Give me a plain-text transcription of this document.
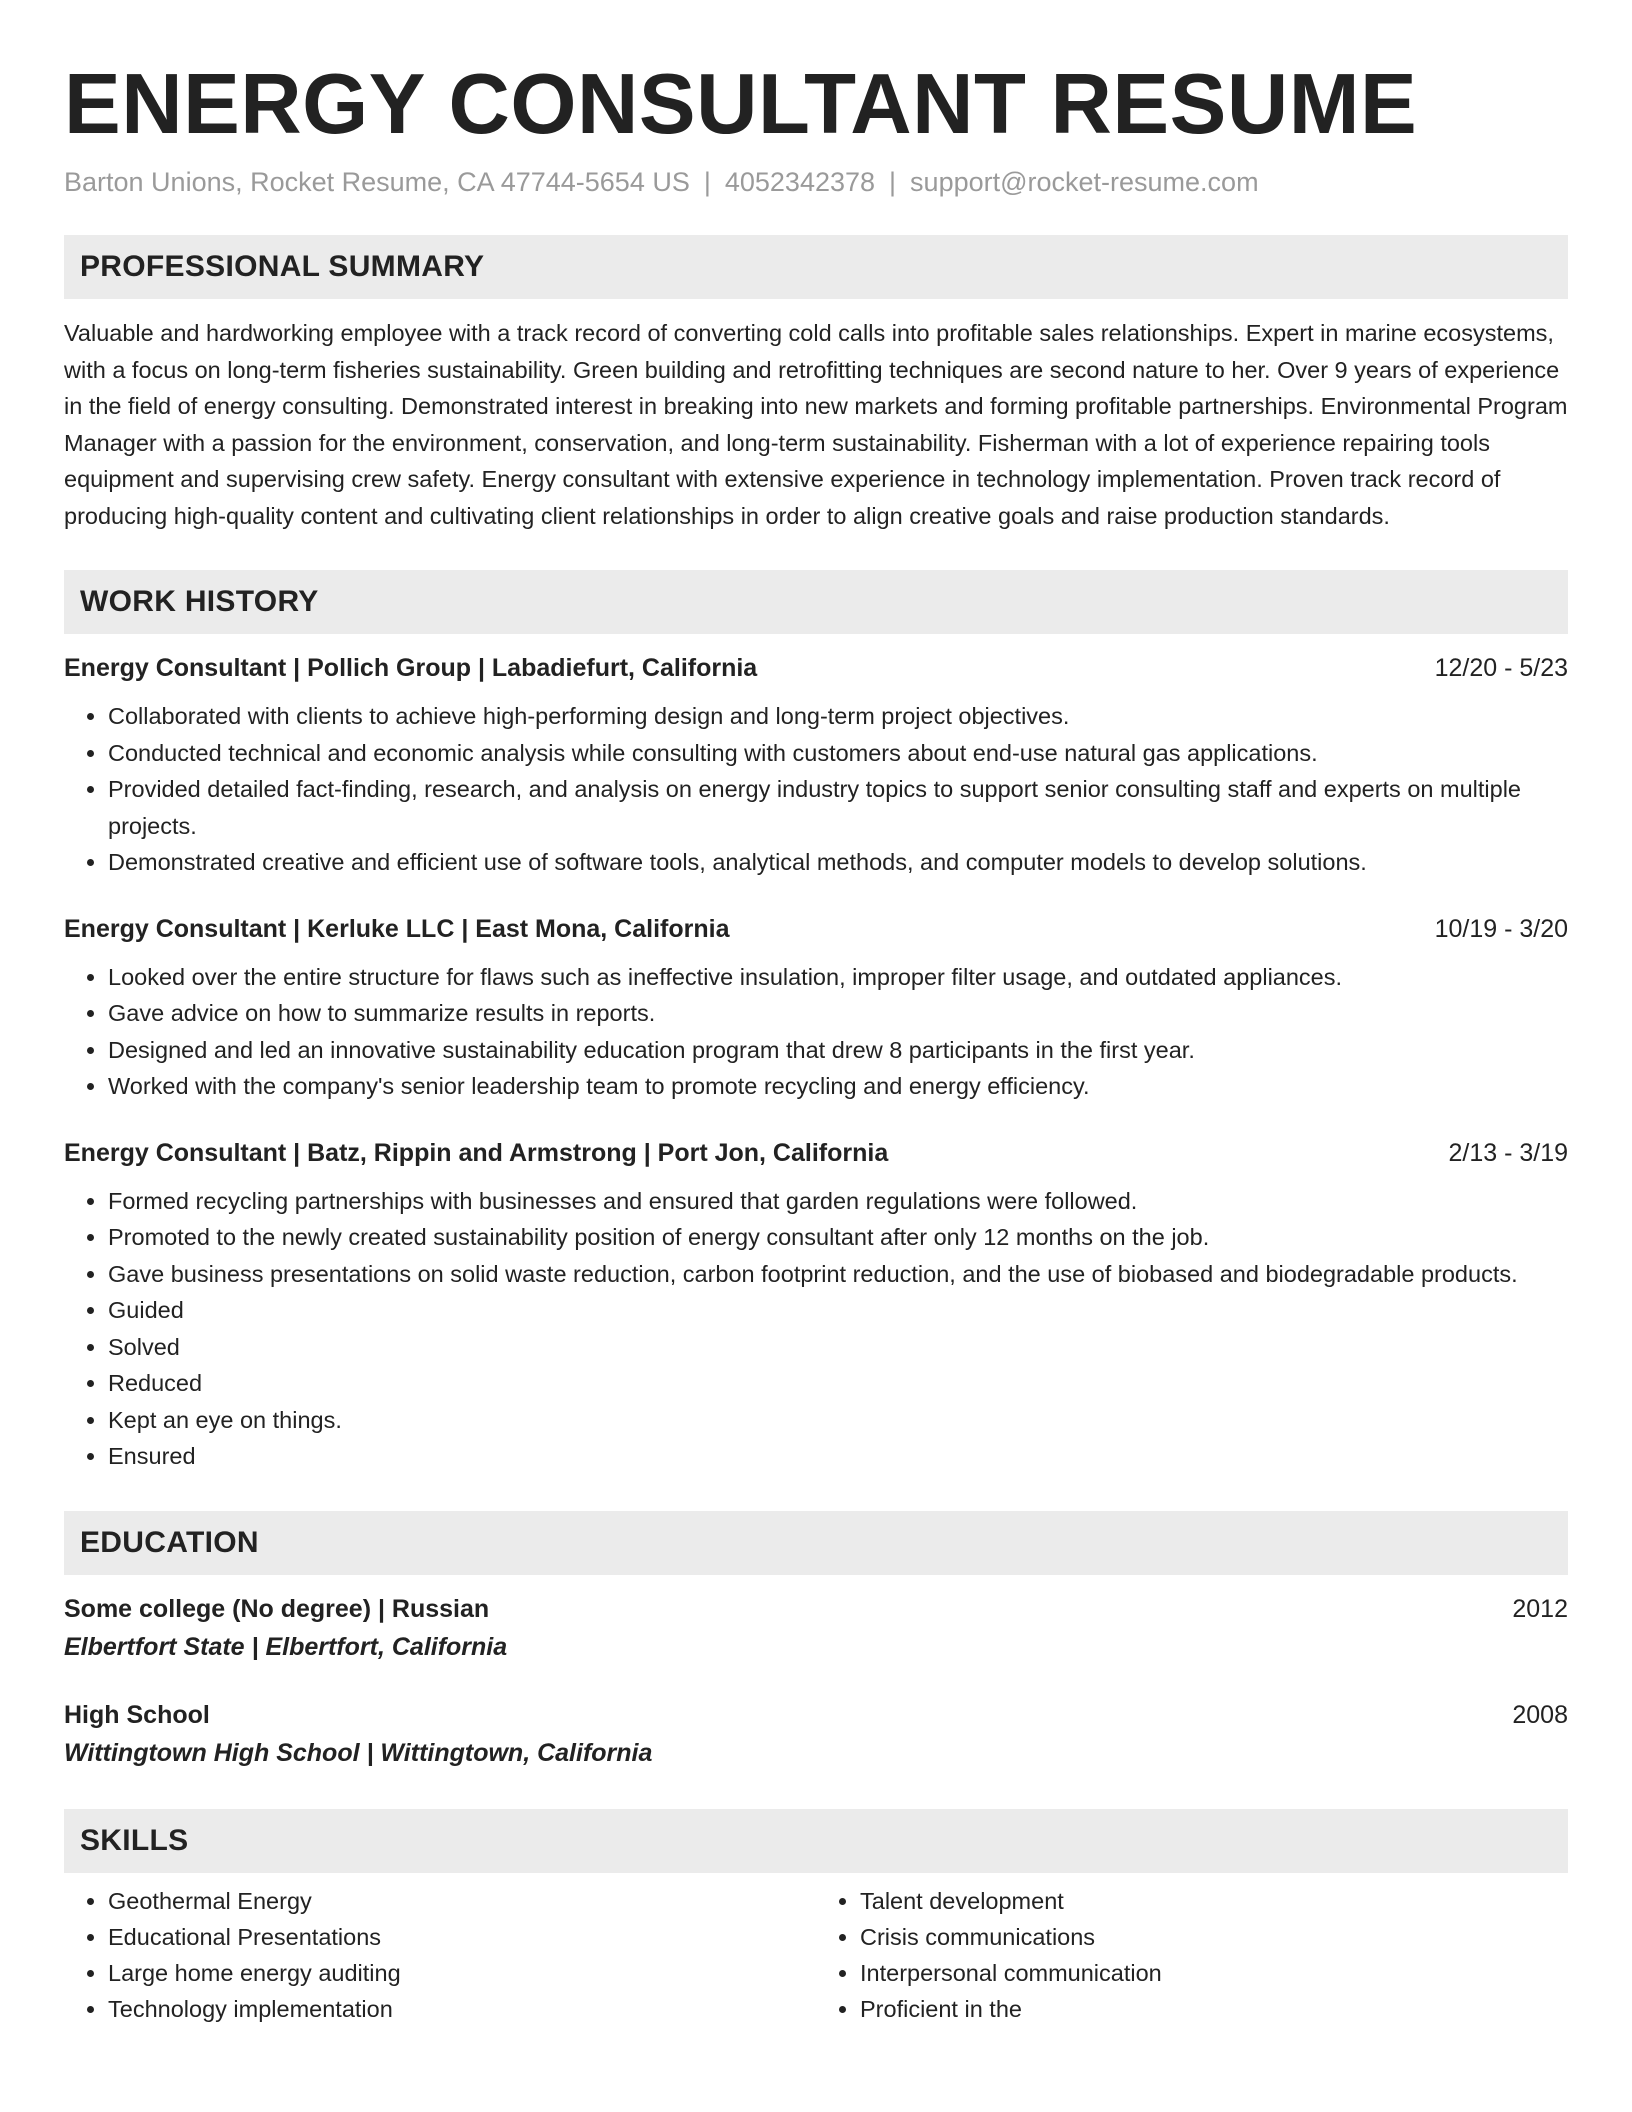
ENERGY CONSULTANT RESUME
Barton Unions, Rocket Resume, CA 47744-5654 US | 4052342378 | support@rocket-resume.com
PROFESSIONAL SUMMARY
Valuable and hardworking employee with a track record of converting cold calls into profitable sales relationships. Expert in marine ecosystems, with a focus on long-term fisheries sustainability. Green building and retrofitting techniques are second nature to her. Over 9 years of experience in the field of energy consulting. Demonstrated interest in breaking into new markets and forming profitable partnerships. Environmental Program Manager with a passion for the environment, conservation, and long-term sustainability. Fisherman with a lot of experience repairing tools equipment and supervising crew safety. Energy consultant with extensive experience in technology implementation. Proven track record of producing high-quality content and cultivating client relationships in order to align creative goals and raise production standards.
WORK HISTORY
Energy Consultant | Pollich Group | Labadiefurt, California	12/20 - 5/23
• Collaborated with clients to achieve high-performing design and long-term project objectives.
• Conducted technical and economic analysis while consulting with customers about end-use natural gas applications.
• Provided detailed fact-finding, research, and analysis on energy industry topics to support senior consulting staff and experts on multiple projects.
• Demonstrated creative and efficient use of software tools, analytical methods, and computer models to develop solutions.
Energy Consultant | Kerluke LLC | East Mona, California	10/19 - 3/20
• Looked over the entire structure for flaws such as ineffective insulation, improper filter usage, and outdated appliances.
• Gave advice on how to summarize results in reports.
• Designed and led an innovative sustainability education program that drew 8 participants in the first year.
• Worked with the company's senior leadership team to promote recycling and energy efficiency.
Energy Consultant | Batz, Rippin and Armstrong | Port Jon, California	2/13 - 3/19
• Formed recycling partnerships with businesses and ensured that garden regulations were followed.
• Promoted to the newly created sustainability position of energy consultant after only 12 months on the job.
• Gave business presentations on solid waste reduction, carbon footprint reduction, and the use of biobased and biodegradable products.
• Guided
• Solved
• Reduced
• Kept an eye on things.
• Ensured
EDUCATION
Some college (No degree) | Russian	2012
Elbertfort State | Elbertfort, California
High School	2008
Wittingtown High School | Wittingtown, California
SKILLS
• Geothermal Energy
• Educational Presentations
• Large home energy auditing
• Technology implementation
• Talent development
• Crisis communications
• Interpersonal communication
• Proficient in the
